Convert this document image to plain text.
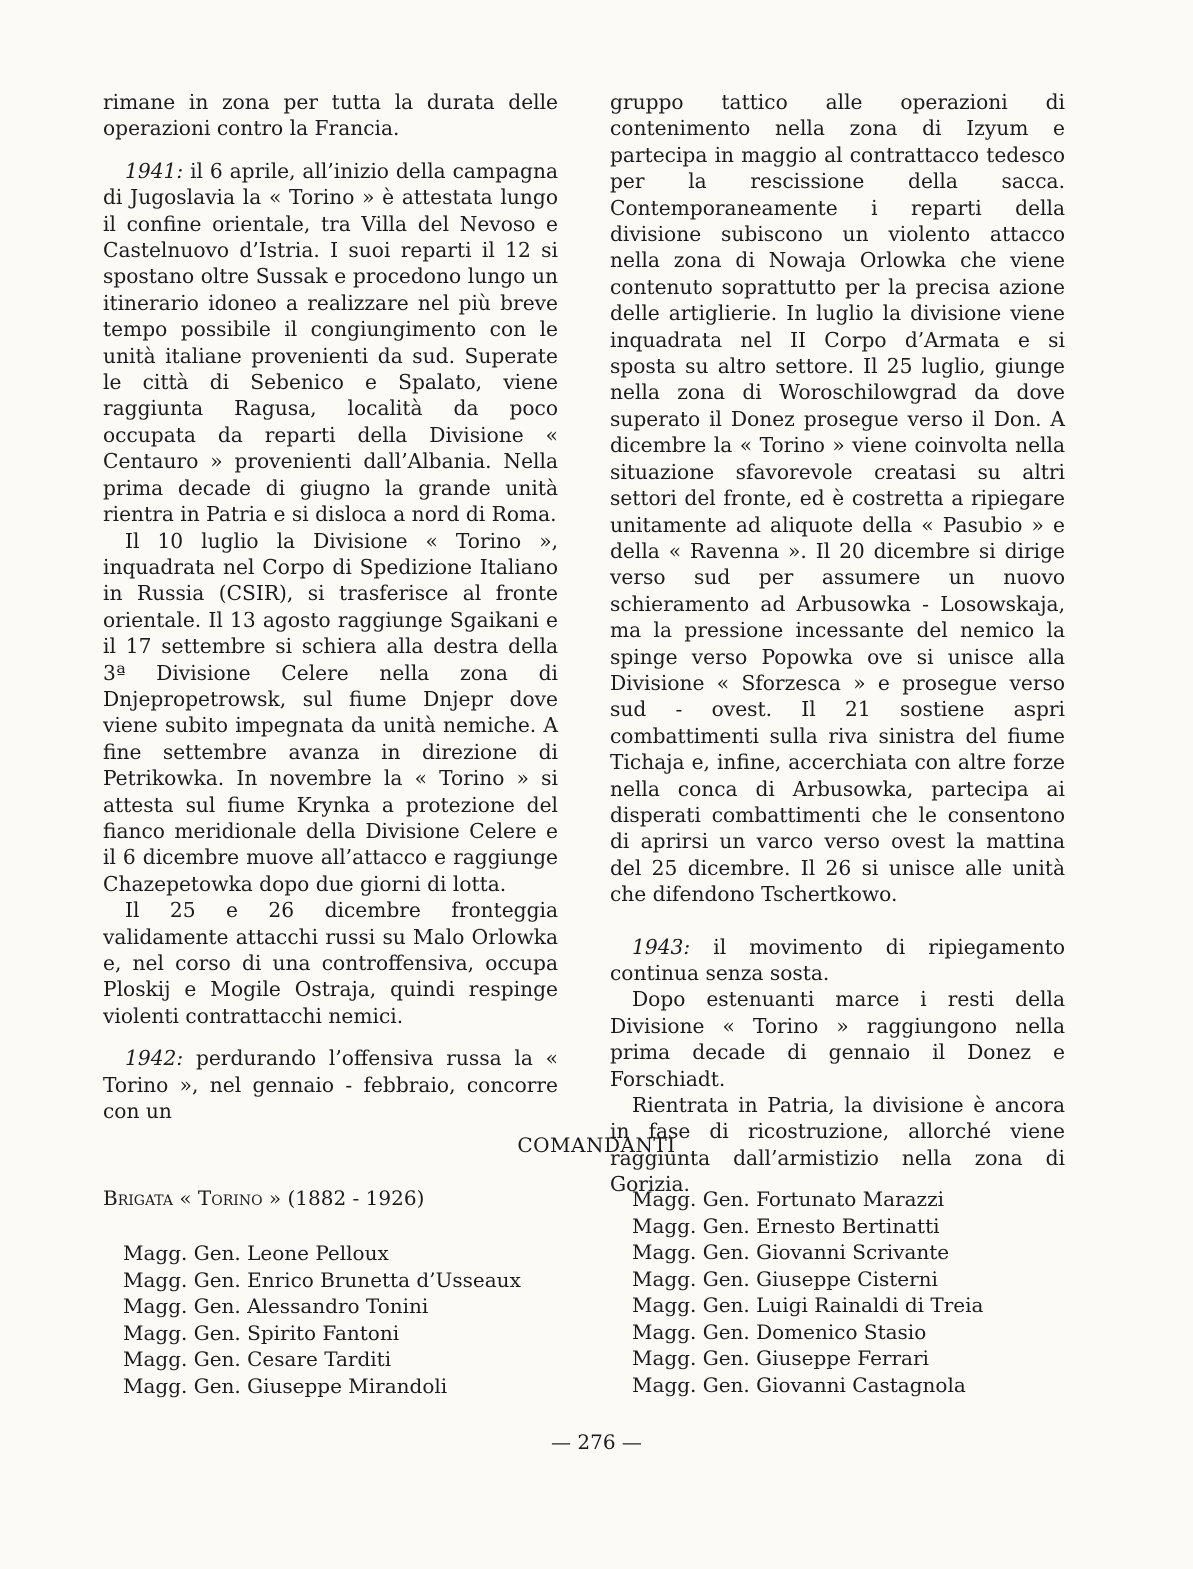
rimane in zona per tutta la durata delle operazioni contro la Francia.

1941: il 6 aprile, all’inizio della campagna di Jugoslavia la « Torino » è attestata lungo il confine orientale, tra Villa del Nevoso e Castelnuovo d’Istria. I suoi reparti il 12 si spostano oltre Sussak e procedono lungo un itinerario idoneo a realizzare nel più breve tempo possibile il congiungimento con le unità italiane provenienti da sud. Superate le città di Sebenico e Spalato, viene raggiunta Ragusa, località da poco occupata da reparti della Divisione « Centauro » provenienti dall’Albania. Nella prima decade di giugno la grande unità rientra in Patria e si disloca a nord di Roma.

Il 10 luglio la Divisione « Torino », inquadrata nel Corpo di Spedizione Italiano in Russia (CSIR), si trasferisce al fronte orientale. Il 13 agosto raggiunge Sgaikani e il 17 settembre si schiera alla destra della 3ª Divisione Celere nella zona di Dnjepropetrowsk, sul fiume Dnjepr dove viene subito impegnata da unità nemiche. A fine settembre avanza in direzione di Petrikowka. In novembre la « Torino » si attesta sul fiume Krynka a protezione del fianco meridionale della Divisione Celere e il 6 dicembre muove all’attacco e raggiunge Chazepetowka dopo due giorni di lotta.

Il 25 e 26 dicembre fronteggia validamente attacchi russi su Malo Orlowka e, nel corso di una controffensiva, occupa Ploskij e Mogile Ostraja, quindi respinge violenti contrattacchi nemici.

1942: perdurando l’offensiva russa la « Torino », nel gennaio - febbraio, concorre con un

gruppo tattico alle operazioni di contenimento nella zona di Izyum e partecipa in maggio al contrattacco tedesco per la rescissione della sacca. Contemporaneamente i reparti della divisione subiscono un violento attacco nella zona di Nowaja Orlowka che viene contenuto soprattutto per la precisa azione delle artiglierie. In luglio la divisione viene inquadrata nel II Corpo d’Armata e si sposta su altro settore. Il 25 luglio, giunge nella zona di Woroschilowgrad da dove superato il Donez prosegue verso il Don. A dicembre la « Torino » viene coinvolta nella situazione sfavorevole creatasi su altri settori del fronte, ed è costretta a ripiegare unitamente ad aliquote della « Pasubio » e della « Ravenna ». Il 20 dicembre si dirige verso sud per assumere un nuovo schieramento ad Arbusowka - Losowskaja, ma la pressione incessante del nemico la spinge verso Popowka ove si unisce alla Divisione « Sforzesca » e prosegue verso sud - ovest. Il 21 sostiene aspri combattimenti sulla riva sinistra del fiume Tichaja e, infine, accerchiata con altre forze nella conca di Arbusowka, partecipa ai disperati combattimenti che le consentono di aprirsi un varco verso ovest la mattina del 25 dicembre. Il 26 si unisce alle unità che difendono Tschertkowo.

1943: il movimento di ripiegamento continua senza sosta.

Dopo estenuanti marce i resti della Divisione « Torino » raggiungono nella prima decade di gennaio il Donez e Forschiadt.

Rientrata in Patria, la divisione è ancora in fase di ricostruzione, allorché viene raggiunta dall’armistizio nella zona di Gorizia.

COMANDANTI
Brigata « Torino » (1882 - 1926)
Magg. Gen. Leone Pelloux
Magg. Gen. Enrico Brunetta d’Usseaux
Magg. Gen. Alessandro Tonini
Magg. Gen. Spirito Fantoni
Magg. Gen. Cesare Tarditi
Magg. Gen. Giuseppe Mirandoli
Magg. Gen. Fortunato Marazzi
Magg. Gen. Ernesto Bertinatti
Magg. Gen. Giovanni Scrivante
Magg. Gen. Giuseppe Cisterni
Magg. Gen. Luigi Rainaldi di Treia
Magg. Gen. Domenico Stasio
Magg. Gen. Giuseppe Ferrari
Magg. Gen. Giovanni Castagnola
— 276 —
